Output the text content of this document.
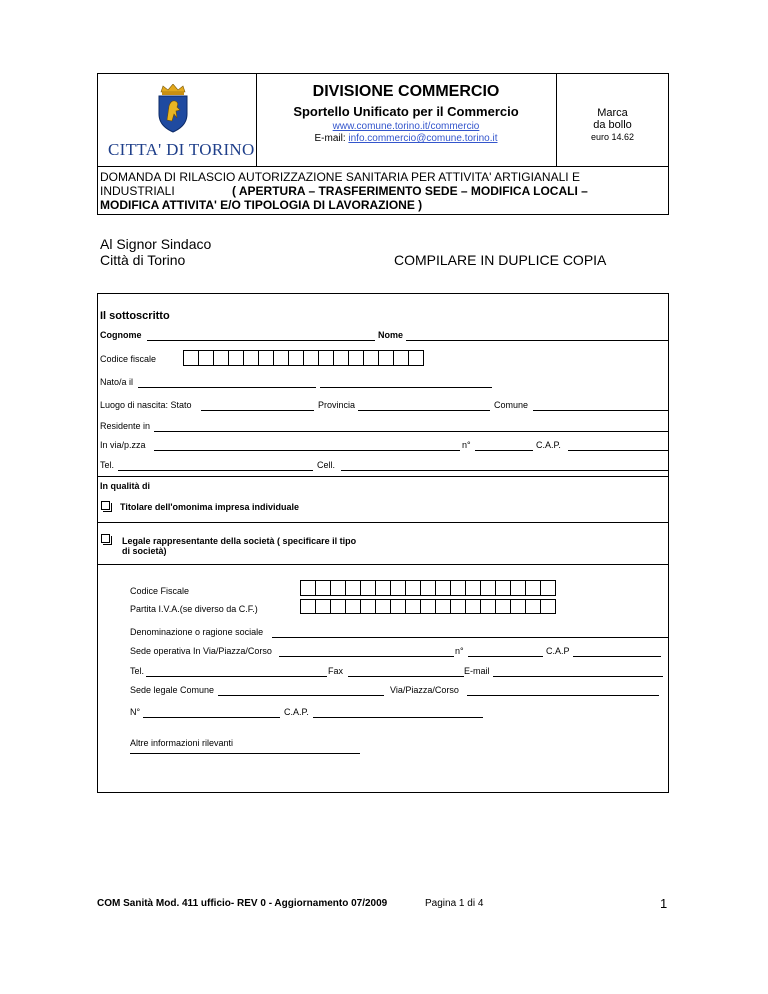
CITTA' DI TORINO
DIVISIONE COMMERCIO
Sportello Unificato per il Commercio
www.comune.torino.it/commercio
E-mail: info.commercio@comune.torino.it
Marca
da bollo
euro 14.62
DOMANDA DI RILASCIO AUTORIZZAZIONE SANITARIA PER ATTIVITA' ARTIGIANALI E
INDUSTRIALI	( APERTURA – TRASFERIMENTO SEDE – MODIFICA LOCALI –
MODIFICA ATTIVITA' E/O TIPOLOGIA DI LAVORAZIONE )
Al Signor Sindaco
Città di Torino	COMPILARE IN DUPLICE COPIA
Il sottoscritto
Cognome	Nome
Codice fiscale
Nato/a il
Luogo di nascita: Stato	Provincia	Comune
Residente in
In via/p.zza	n°	C.A.P.
Tel.	Cell.
In qualità di
Titolare dell'omonima impresa individuale
Legale rappresentante della società ( specificare il tipo
di società)
Codice Fiscale
Partita I.V.A.(se diverso da C.F.)
Denominazione o ragione sociale
Sede operativa In Via/Piazza/Corso	n°	C.A.P
Tel.	Fax	E-mail
Sede legale Comune	Via/Piazza/Corso
N°	C.A.P.
Altre informazioni rilevanti
COM Sanità Mod. 411 ufficio- REV 0 - Aggiornamento 07/2009	Pagina 1 di 4	1
